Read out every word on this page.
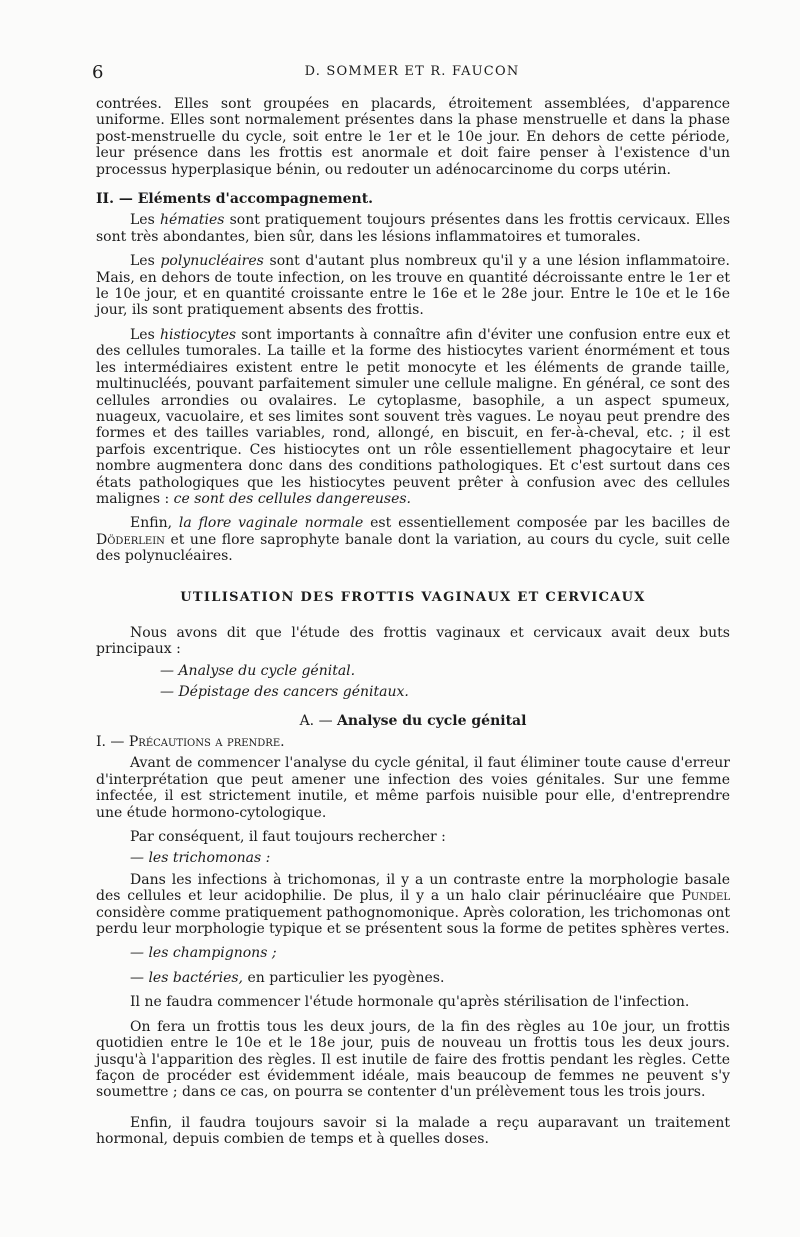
6	D. SOMMER ET R. FAUCON

contrées. Elles sont groupées en placards, étroitement assemblées, d'apparence uniforme. Elles sont normalement présentes dans la phase menstruelle et dans la phase post-menstruelle du cycle, soit entre le 1er et le 10e jour. En dehors de cette période, leur présence dans les frottis est anormale et doit faire penser à l'existence d'un processus hyperplasique bénin, ou redouter un adénocarcinome du corps utérin.

II. — Eléments d'accompagnement.

Les hématies sont pratiquement toujours présentes dans les frottis cervicaux. Elles sont très abondantes, bien sûr, dans les lésions inflammatoires et tumorales.

Les polynucléaires sont d'autant plus nombreux qu'il y a une lésion inflammatoire. Mais, en dehors de toute infection, on les trouve en quantité décroissante entre le 1er et le 10e jour, et en quantité croissante entre le 16e et le 28e jour. Entre le 10e et le 16e jour, ils sont pratiquement absents des frottis.

Les histiocytes sont importants à connaître afin d'éviter une confusion entre eux et des cellules tumorales. La taille et la forme des histiocytes varient énormément et tous les intermédiaires existent entre le petit monocyte et les éléments de grande taille, multinucléés, pouvant parfaitement simuler une cellule maligne. En général, ce sont des cellules arrondies ou ovalaires. Le cytoplasme, basophile, a un aspect spumeux, nuageux, vacuolaire, et ses limites sont souvent très vagues. Le noyau peut prendre des formes et des tailles variables, rond, allongé, en biscuit, en fer-à-cheval, etc. ; il est parfois excentrique. Ces histiocytes ont un rôle essentiellement phagocytaire et leur nombre augmentera donc dans des conditions pathologiques. Et c'est surtout dans ces états pathologiques que les histiocytes peuvent prêter à confusion avec des cellules malignes : ce sont des cellules dangereuses.

Enfin, la flore vaginale normale est essentiellement composée par les bacilles de Döderlein et une flore saprophyte banale dont la variation, au cours du cycle, suit celle des polynucléaires.

UTILISATION DES FROTTIS VAGINAUX ET CERVICAUX

Nous avons dit que l'étude des frottis vaginaux et cervicaux avait deux buts principaux :

— Analyse du cycle génital.

— Dépistage des cancers génitaux.

A. — Analyse du cycle génital

I. — Précautions a prendre.

Avant de commencer l'analyse du cycle génital, il faut éliminer toute cause d'erreur d'interprétation que peut amener une infection des voies génitales. Sur une femme infectée, il est strictement inutile, et même parfois nuisible pour elle, d'entreprendre une étude hormono-cytologique.

Par conséquent, il faut toujours rechercher :

— les trichomonas :

Dans les infections à trichomonas, il y a un contraste entre la morphologie basale des cellules et leur acidophilie. De plus, il y a un halo clair périnucléaire que Pundel considère comme pratiquement pathognomonique. Après coloration, les trichomonas ont perdu leur morphologie typique et se présentent sous la forme de petites sphères vertes.

— les champignons ;

— les bactéries, en particulier les pyogènes.

Il ne faudra commencer l'étude hormonale qu'après stérilisation de l'infection.

On fera un frottis tous les deux jours, de la fin des règles au 10e jour, un frottis quotidien entre le 10e et le 18e jour, puis de nouveau un frottis tous les deux jours. jusqu'à l'apparition des règles. Il est inutile de faire des frottis pendant les règles. Cette façon de procéder est évidemment idéale, mais beaucoup de femmes ne peuvent s'y soumettre ; dans ce cas, on pourra se contenter d'un prélèvement tous les trois jours.

Enfin, il faudra toujours savoir si la malade a reçu auparavant un traitement hormonal, depuis combien de temps et à quelles doses.
